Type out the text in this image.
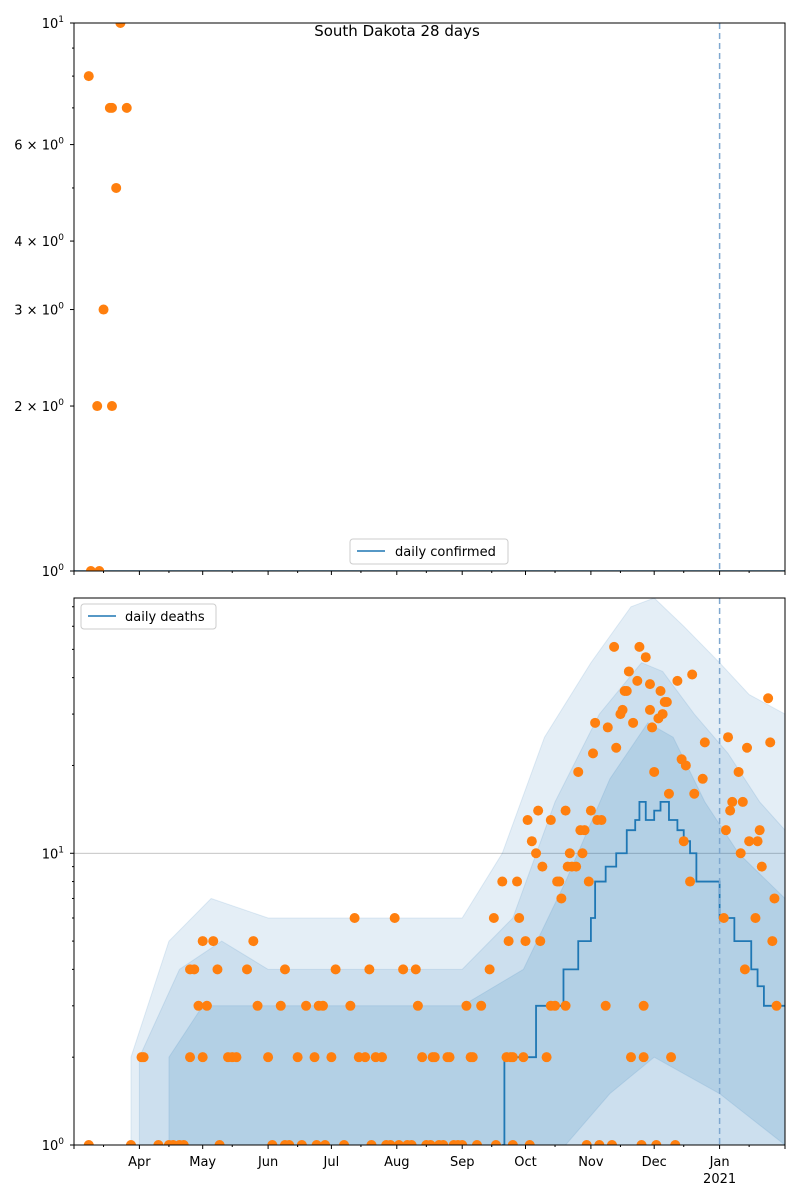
$10^1$
$6 \times 10^0$
$4 \times 10^0$
$3 \times 10^0$
$2 \times 10^0$
$10^0$
South Dakota 28 days
daily confirmed
$10^1$
$10^0$
Apr	May	Jun	Jul	Aug	Sep	Oct	Nov	Dec	Jan
2021
daily deaths
